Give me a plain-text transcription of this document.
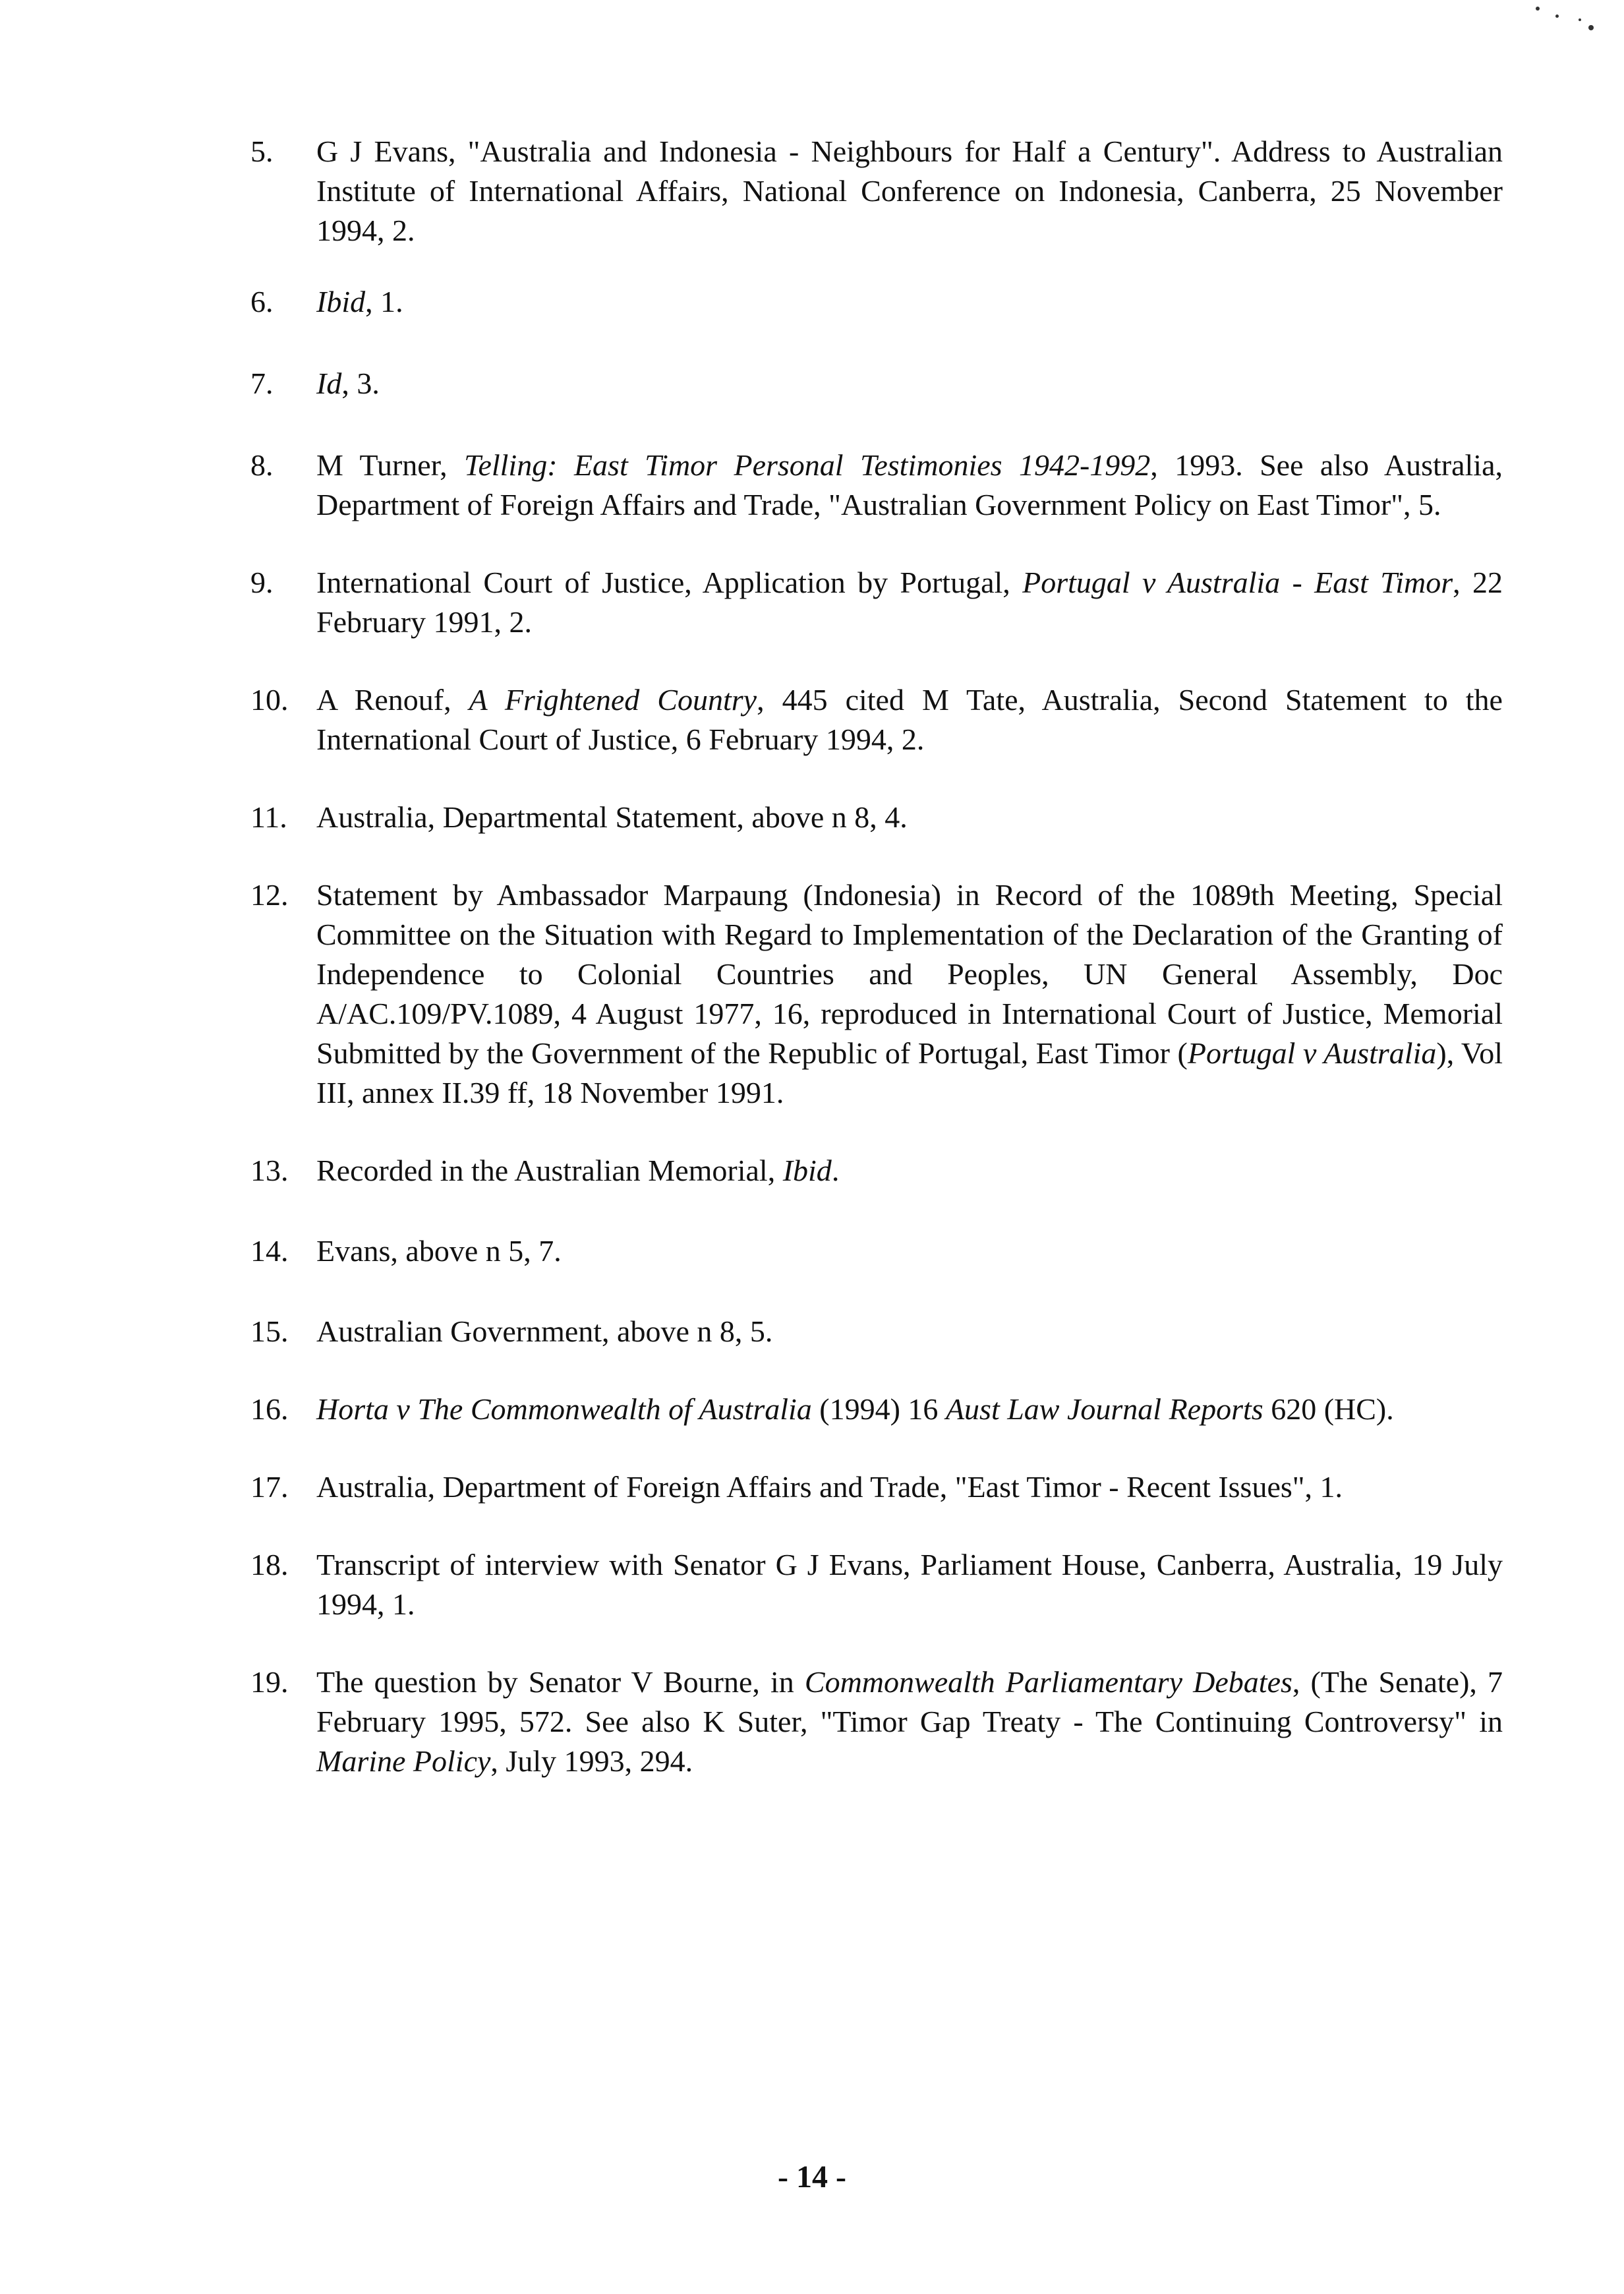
5.	G J Evans, "Australia and Indonesia - Neighbours for Half a Century". Address to Australian Institute of International Affairs, National Conference on Indonesia, Canberra, 25 November 1994, 2.
6.	Ibid, 1.
7.	Id, 3.
8.	M Turner, Telling: East Timor Personal Testimonies 1942-1992, 1993. See also Australia, Department of Foreign Affairs and Trade, "Australian Government Policy on East Timor", 5.
9.	International Court of Justice, Application by Portugal, Portugal v Australia - East Timor, 22 February 1991, 2.
10. A Renouf, A Frightened Country, 445 cited M Tate, Australia, Second Statement to the International Court of Justice, 6 February 1994, 2.
11. Australia, Departmental Statement, above n 8, 4.
12. Statement by Ambassador Marpaung (Indonesia) in Record of the 1089th Meeting, Special Committee on the Situation with Regard to Implementation of the Declaration of the Granting of Independence to Colonial Countries and Peoples, UN General Assembly, Doc A/AC.109/PV.1089, 4 August 1977, 16, reproduced in International Court of Justice, Memorial Submitted by the Government of the Republic of Portugal, East Timor (Portugal v Australia), Vol III, annex II.39 ff, 18 November 1991.
13. Recorded in the Australian Memorial, Ibid.
14. Evans, above n 5, 7.
15. Australian Government, above n 8, 5.
16. Horta v The Commonwealth of Australia (1994) 16 Aust Law Journal Reports 620 (HC).
17. Australia, Department of Foreign Affairs and Trade, "East Timor - Recent Issues", 1.
18. Transcript of interview with Senator G J Evans, Parliament House, Canberra, Australia, 19 July 1994, 1.
19. The question by Senator V Bourne, in Commonwealth Parliamentary Debates, (The Senate), 7 February 1995, 572. See also K Suter, "Timor Gap Treaty - The Continuing Controversy" in Marine Policy, July 1993, 294.
- 14 -
